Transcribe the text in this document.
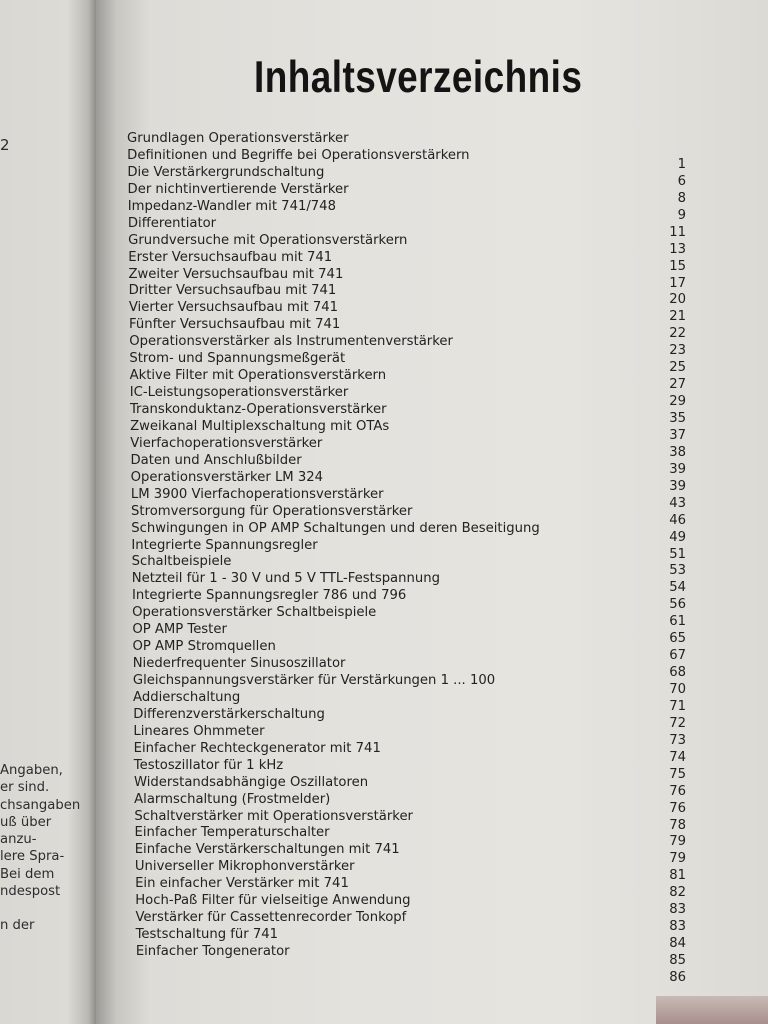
2
Angaben,
er sind.
chsangaben
uß über
anzu-
lere Spra-
Bei dem
ndespost
n der
Inhaltsverzeichnis
Grundlagen Operationsverstärker
Definitionen und Begriffe bei Operationsverstärkern
1
Die Verstärkergrundschaltung
6
Der nichtinvertierende Verstärker
8
Impedanz-Wandler mit 741/748
9
Differentiator
11
Grundversuche mit Operationsverstärkern
13
Erster Versuchsaufbau mit 741
15
Zweiter Versuchsaufbau mit 741
17
Dritter Versuchsaufbau mit 741
20
Vierter Versuchsaufbau mit 741
21
Fünfter Versuchsaufbau mit 741
22
Operationsverstärker als Instrumentenverstärker
23
Strom- und Spannungsmeßgerät
25
Aktive Filter mit Operationsverstärkern
27
IC-Leistungsoperationsverstärker
29
Transkonduktanz-Operationsverstärker
35
Zweikanal Multiplexschaltung mit OTAs
37
Vierfachoperationsverstärker
38
Daten und Anschlußbilder
39
Operationsverstärker LM 324
39
LM 3900 Vierfachoperationsverstärker
43
Stromversorgung für Operationsverstärker
46
Schwingungen in OP AMP Schaltungen und deren Beseitigung
49
Integrierte Spannungsregler
51
Schaltbeispiele
53
Netzteil für 1 - 30 V und 5 V TTL-Festspannung
54
Integrierte Spannungsregler 786 und 796
56
Operationsverstärker Schaltbeispiele
61
OP AMP Tester
65
OP AMP Stromquellen
67
Niederfrequenter Sinusoszillator
68
Gleichspannungsverstärker für Verstärkungen 1 ... 100
70
Addierschaltung
71
Differenzverstärkerschaltung
72
Lineares Ohmmeter
73
Einfacher Rechteckgenerator mit 741
74
Testoszillator für 1 kHz
75
Widerstandsabhängige Oszillatoren
76
Alarmschaltung (Frostmelder)
76
Schaltverstärker mit Operationsverstärker
78
Einfacher Temperaturschalter
79
Einfache Verstärkerschaltungen mit 741
79
Universeller Mikrophonverstärker
81
Ein einfacher Verstärker mit 741
82
Hoch-Paß Filter für vielseitige Anwendung
83
Verstärker für Cassettenrecorder Tonkopf
83
Testschaltung für 741
84
Einfacher Tongenerator
85
86
